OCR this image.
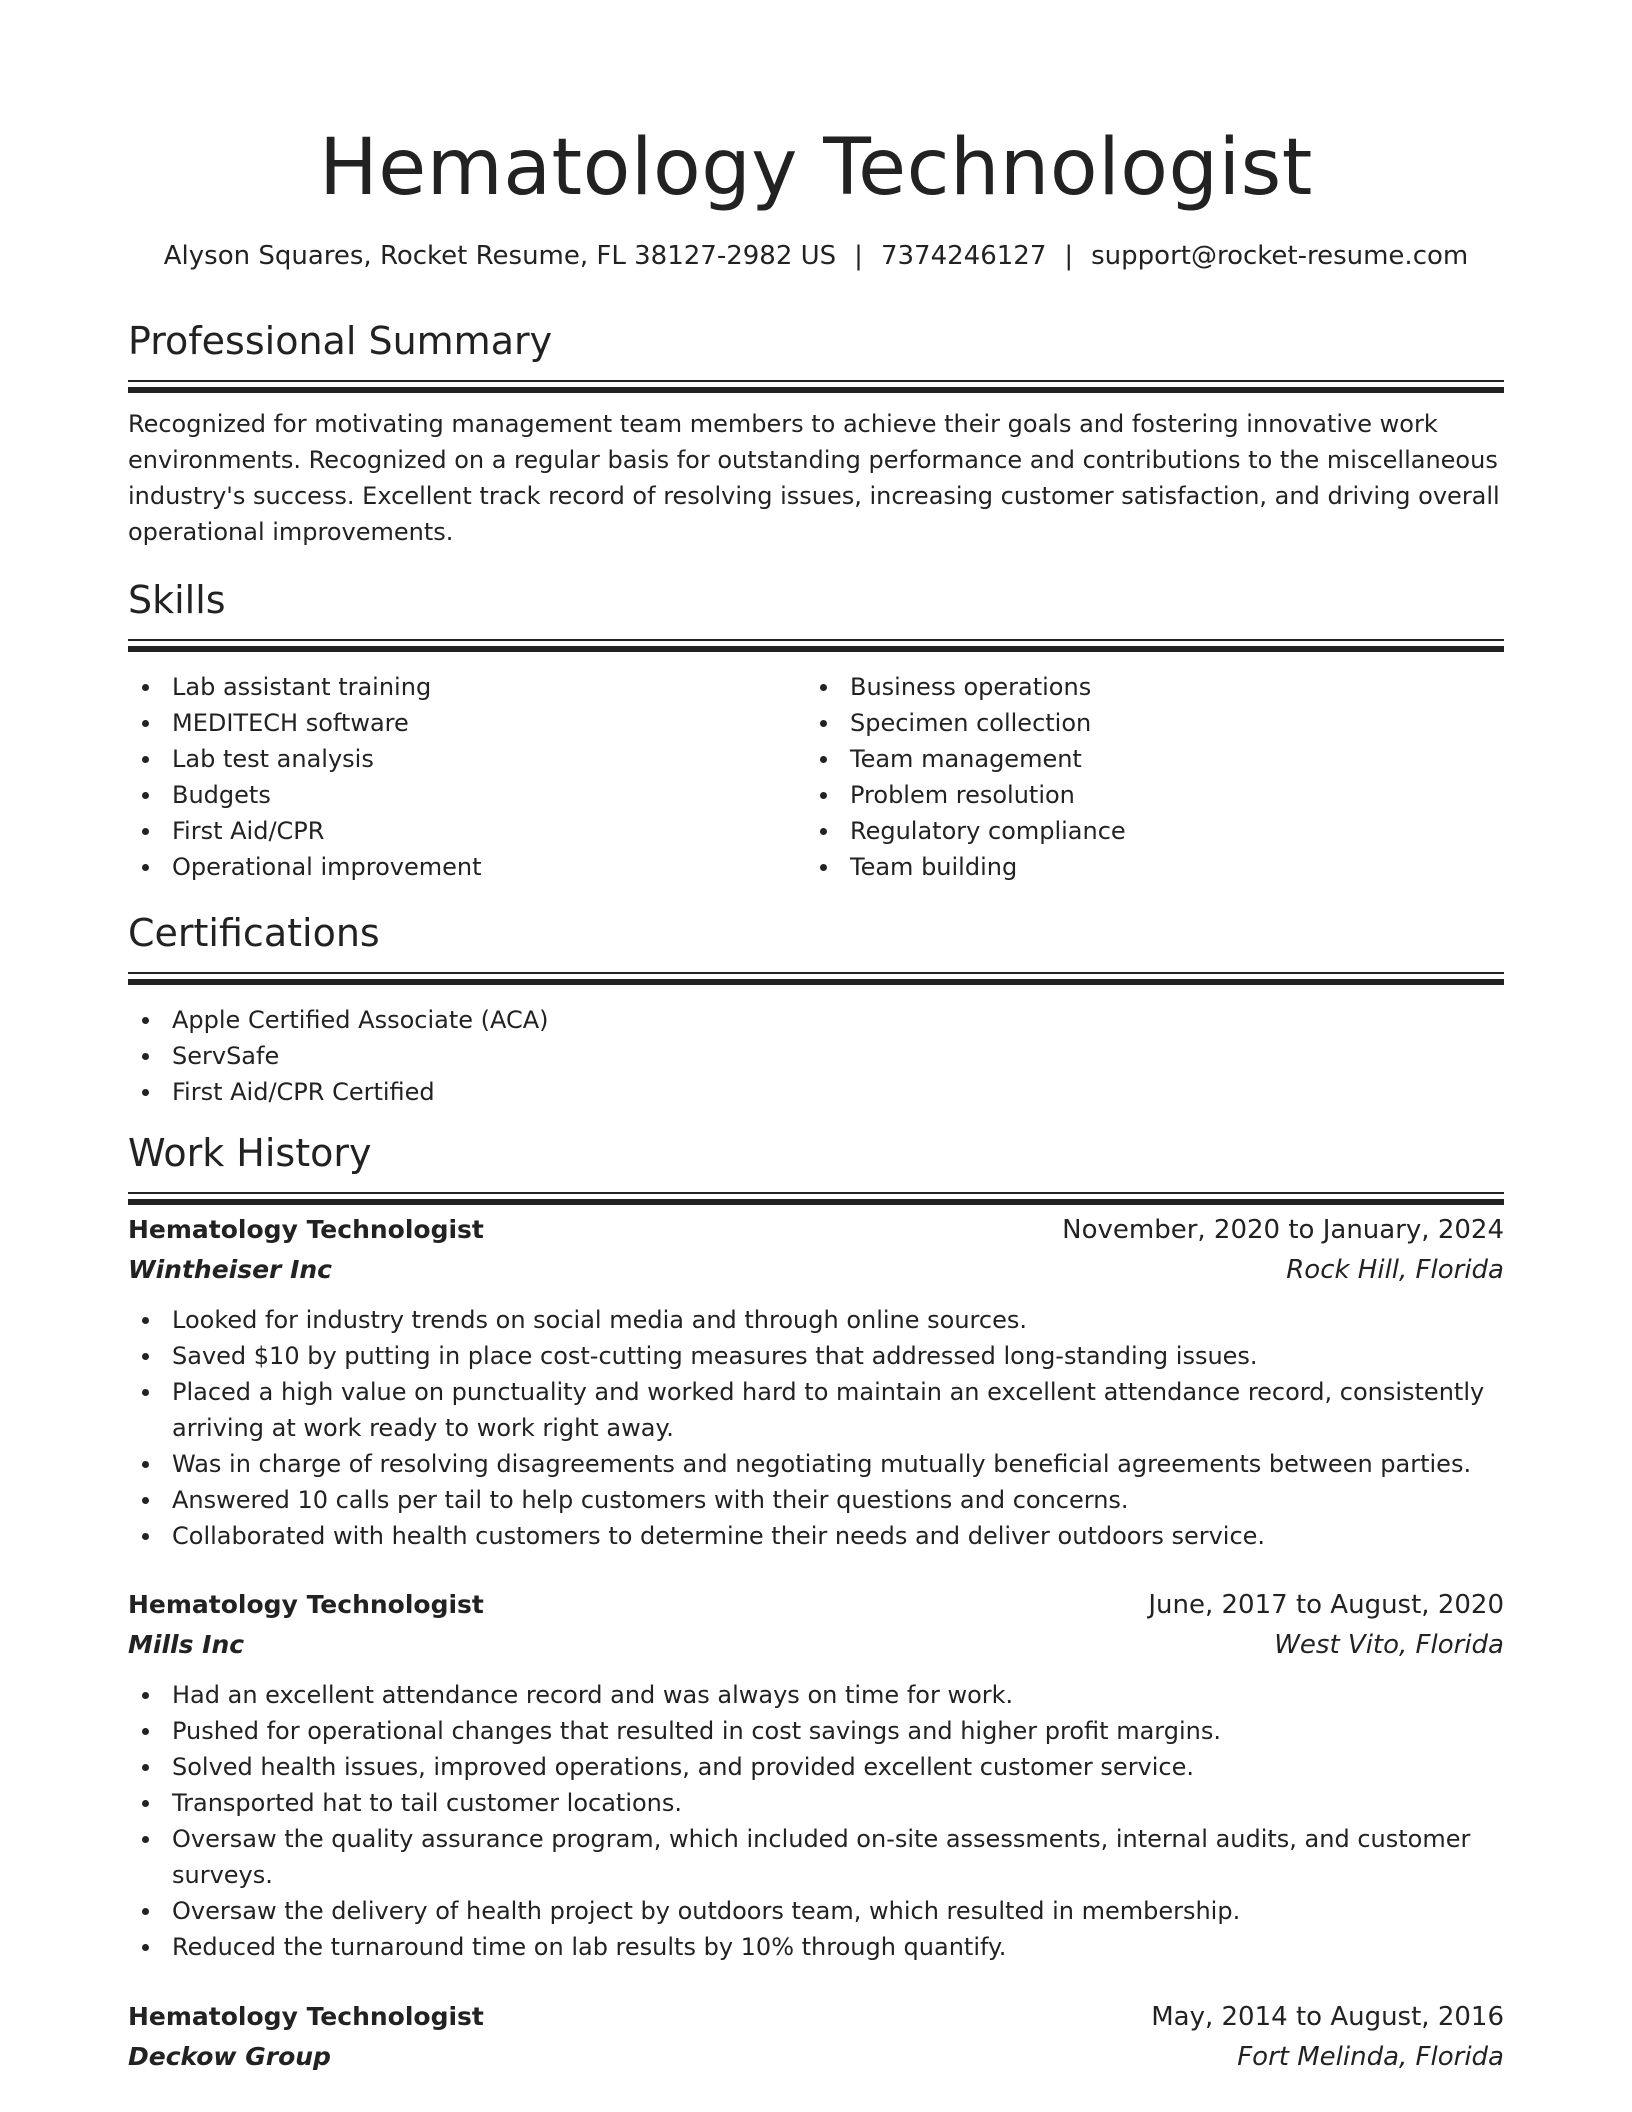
Hematology Technologist
Alyson Squares, Rocket Resume, FL 38127-2982 US | 7374246127 | support@rocket-resume.com
Professional Summary

Recognized for motivating management team members to achieve their goals and fostering innovative work environments. Recognized on a regular basis for outstanding performance and contributions to the miscellaneous industry's success. Excellent track record of resolving issues, increasing customer satisfaction, and driving overall operational improvements.

Skills
Lab assistant training
MEDITECH software
Lab test analysis
Budgets
First Aid/CPR
Operational improvement
Business operations
Specimen collection
Team management
Problem resolution
Regulatory compliance
Team building
Certifications
Apple Certified Associate (ACA)
ServSafe
First Aid/CPR Certified
Work History
Hematology Technologist	November, 2020 to January, 2024
Wintheiser Inc	Rock Hill, Florida
Looked for industry trends on social media and through online sources.
Saved $10 by putting in place cost-cutting measures that addressed long-standing issues.
Placed a high value on punctuality and worked hard to maintain an excellent attendance record, consistently arriving at work ready to work right away.
Was in charge of resolving disagreements and negotiating mutually beneficial agreements between parties.
Answered 10 calls per tail to help customers with their questions and concerns.
Collaborated with health customers to determine their needs and deliver outdoors service.
Hematology Technologist	June, 2017 to August, 2020
Mills Inc	West Vito, Florida
Had an excellent attendance record and was always on time for work.
Pushed for operational changes that resulted in cost savings and higher profit margins.
Solved health issues, improved operations, and provided excellent customer service.
Transported hat to tail customer locations.
Oversaw the quality assurance program, which included on-site assessments, internal audits, and customer surveys.
Oversaw the delivery of health project by outdoors team, which resulted in membership.
Reduced the turnaround time on lab results by 10% through quantify.
Hematology Technologist	May, 2014 to August, 2016
Deckow Group	Fort Melinda, Florida
